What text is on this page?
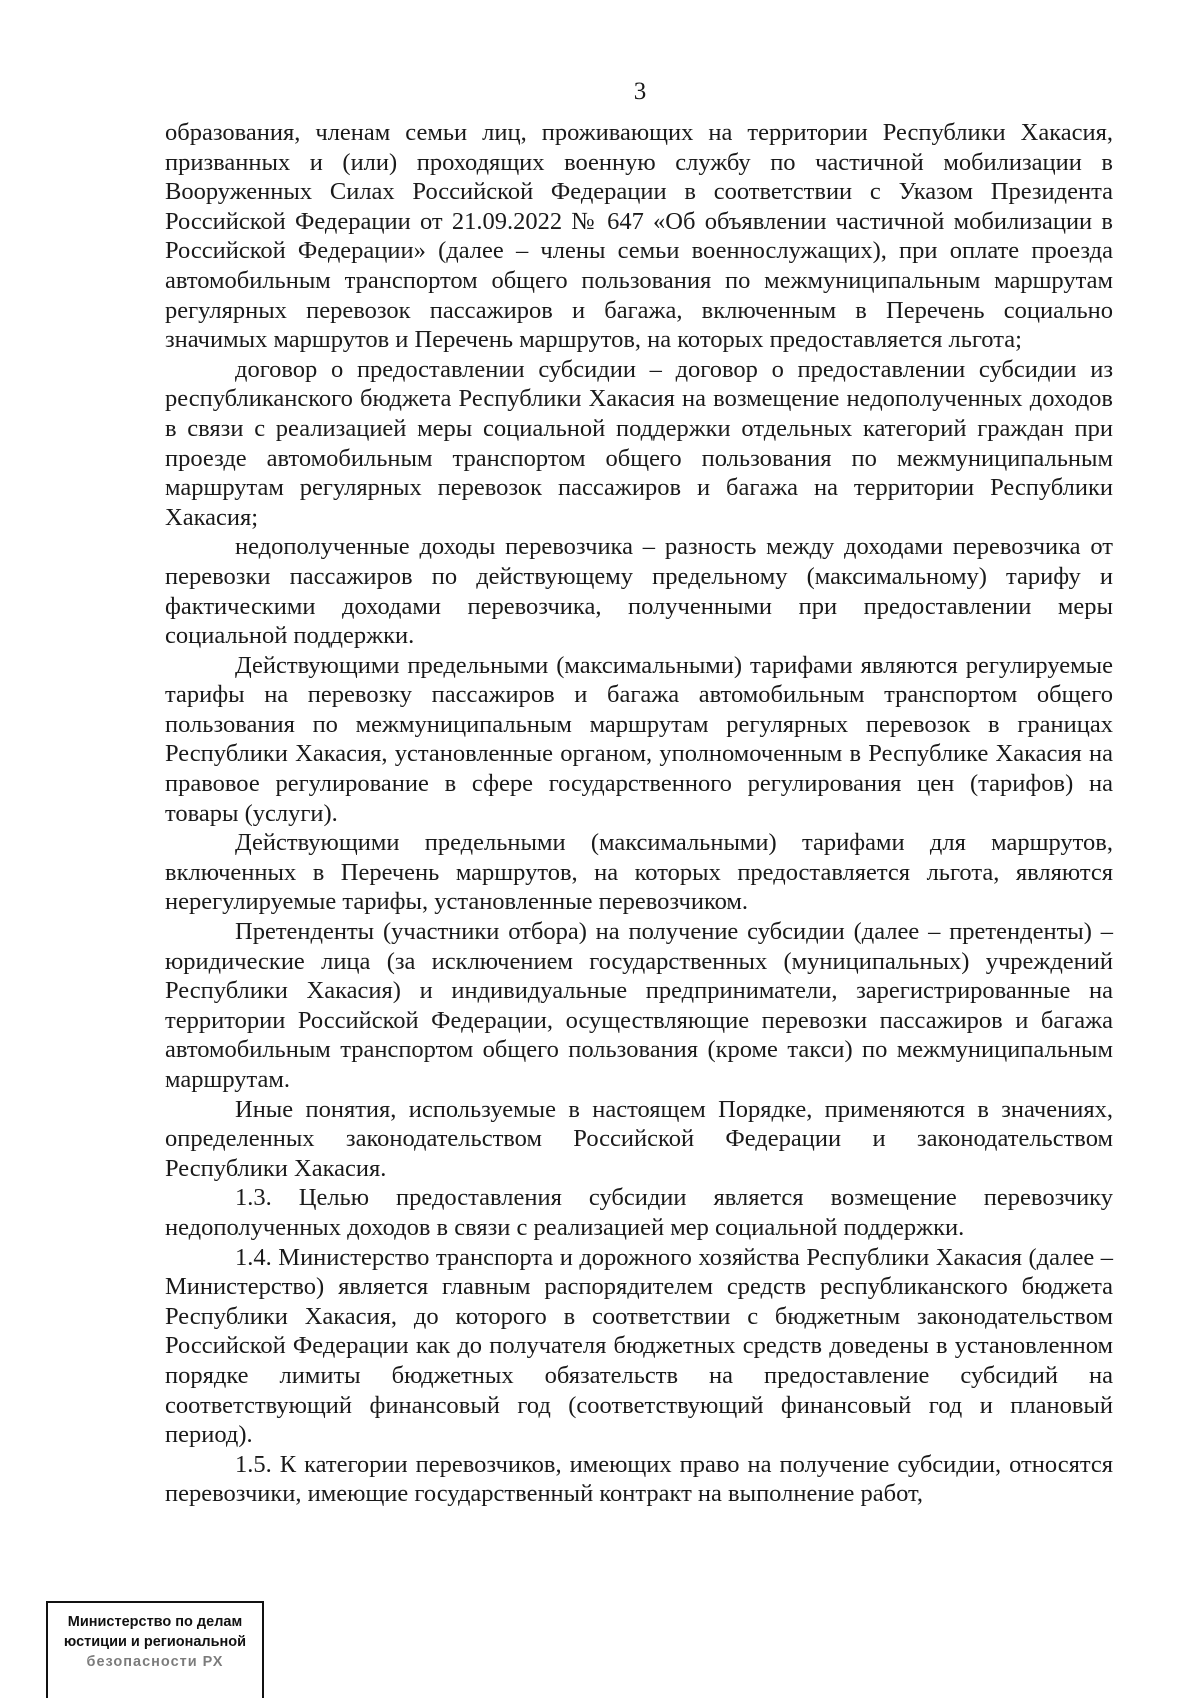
3

образования, членам семьи лиц, проживающих на территории Республики Хакасия, призванных и (или) проходящих военную службу по частичной мобилизации в Вооруженных Силах Российской Федерации в соответствии с Указом Президента Российской Федерации от 21.09.2022 № 647 «Об объявлении частичной мобилизации в Российской Федерации» (далее – члены семьи военнослужащих), при оплате проезда автомобильным транспортом общего пользования по межмуниципальным маршрутам регулярных перевозок пассажиров и багажа, включенным в Перечень социально значимых маршрутов и Перечень маршрутов, на которых предоставляется льгота;

договор о предоставлении субсидии – договор о предоставлении субсидии из республиканского бюджета Республики Хакасия на возмещение недополученных доходов в связи с реализацией меры социальной поддержки отдельных категорий граждан при проезде автомобильным транспортом общего пользования по межмуниципальным маршрутам регулярных перевозок пассажиров и багажа на территории Республики Хакасия;

недополученные доходы перевозчика – разность между доходами перевозчика от перевозки пассажиров по действующему предельному (максимальному) тарифу и фактическими доходами перевозчика, полученными при предоставлении меры социальной поддержки.

Действующими предельными (максимальными) тарифами являются регулируемые тарифы на перевозку пассажиров и багажа автомобильным транспортом общего пользования по межмуниципальным маршрутам регулярных перевозок в границах Республики Хакасия, установленные органом, уполномоченным в Республике Хакасия на правовое регулирование в сфере государственного регулирования цен (тарифов) на товары (услуги).

Действующими предельными (максимальными) тарифами для маршрутов, включенных в Перечень маршрутов, на которых предоставляется льгота, являются нерегулируемые тарифы, установленные перевозчиком.

Претенденты (участники отбора) на получение субсидии (далее – претенденты) – юридические лица (за исключением государственных (муниципальных) учреждений Республики Хакасия) и индивидуальные предприниматели, зарегистрированные на территории Российской Федерации, осуществляющие перевозки пассажиров и багажа автомобильным транспортом общего пользования (кроме такси) по межмуниципальным маршрутам.

Иные понятия, используемые в настоящем Порядке, применяются в значениях, определенных законодательством Российской Федерации и законодательством Республики Хакасия.

1.3. Целью предоставления субсидии является возмещение перевозчику недополученных доходов в связи с реализацией мер социальной поддержки.

1.4. Министерство транспорта и дорожного хозяйства Республики Хакасия (далее – Министерство) является главным распорядителем средств республиканского бюджета Республики Хакасия, до которого в соответствии с бюджетным законодательством Российской Федерации как до получателя бюджетных средств доведены в установленном порядке лимиты бюджетных обязательств на предоставление субсидий на соответствующий финансовый год (соответствующий финансовый год и плановый период).

1.5. К категории перевозчиков, имеющих право на получение субсидии, относятся перевозчики, имеющие государственный контракт на выполнение работ,

Министерство по делам
юстиции и региональной
безопасности РХ
